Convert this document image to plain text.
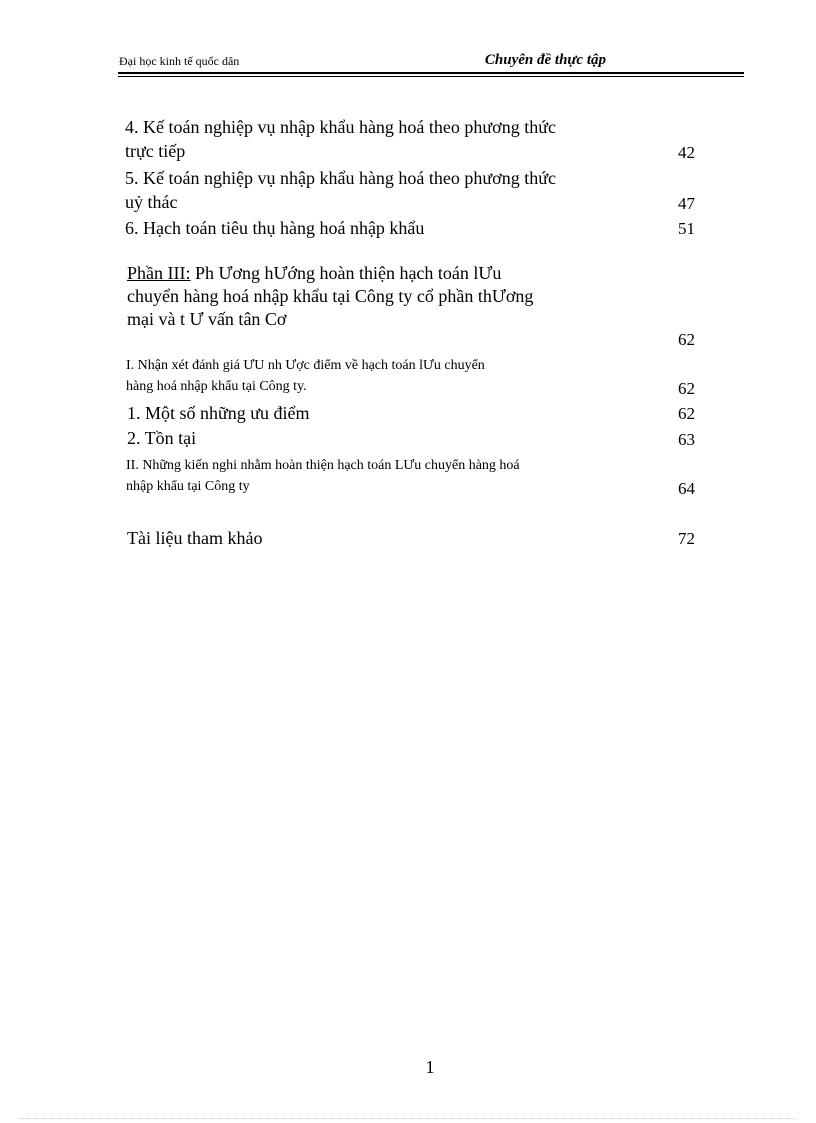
Đại học kinh tế quốc dân	Chuyên đề thực tập
4. Kế toán nghiệp vụ nhập khẩu hàng hoá theo phương thức
trực tiếp	42
5. Kế toán nghiệp vụ nhập khẩu hàng hoá theo phương thức
uỷ thác	47
6. Hạch toán tiêu thụ hàng hoá nhập khẩu	51
Phần III: Ph Ương hƯớng hoàn thiện hạch toán lƯu
chuyển hàng hoá nhập khẩu tại Công ty cổ phần thƯơng
mại và t Ư vấn tân Cơ
62
I. Nhận xét đánh giá ƯU nh Ược điểm về hạch toán lƯu chuyển
hàng hoá nhập khẩu tại Công ty.	62
1. Một số những ưu điểm	62
2. Tồn tại	63
II. Những kiến nghi nhằm hoàn thiện hạch toán LƯu chuyển hàng hoá
nhập khẩu tại Công ty	64
Tài liệu tham khảo	72
1
